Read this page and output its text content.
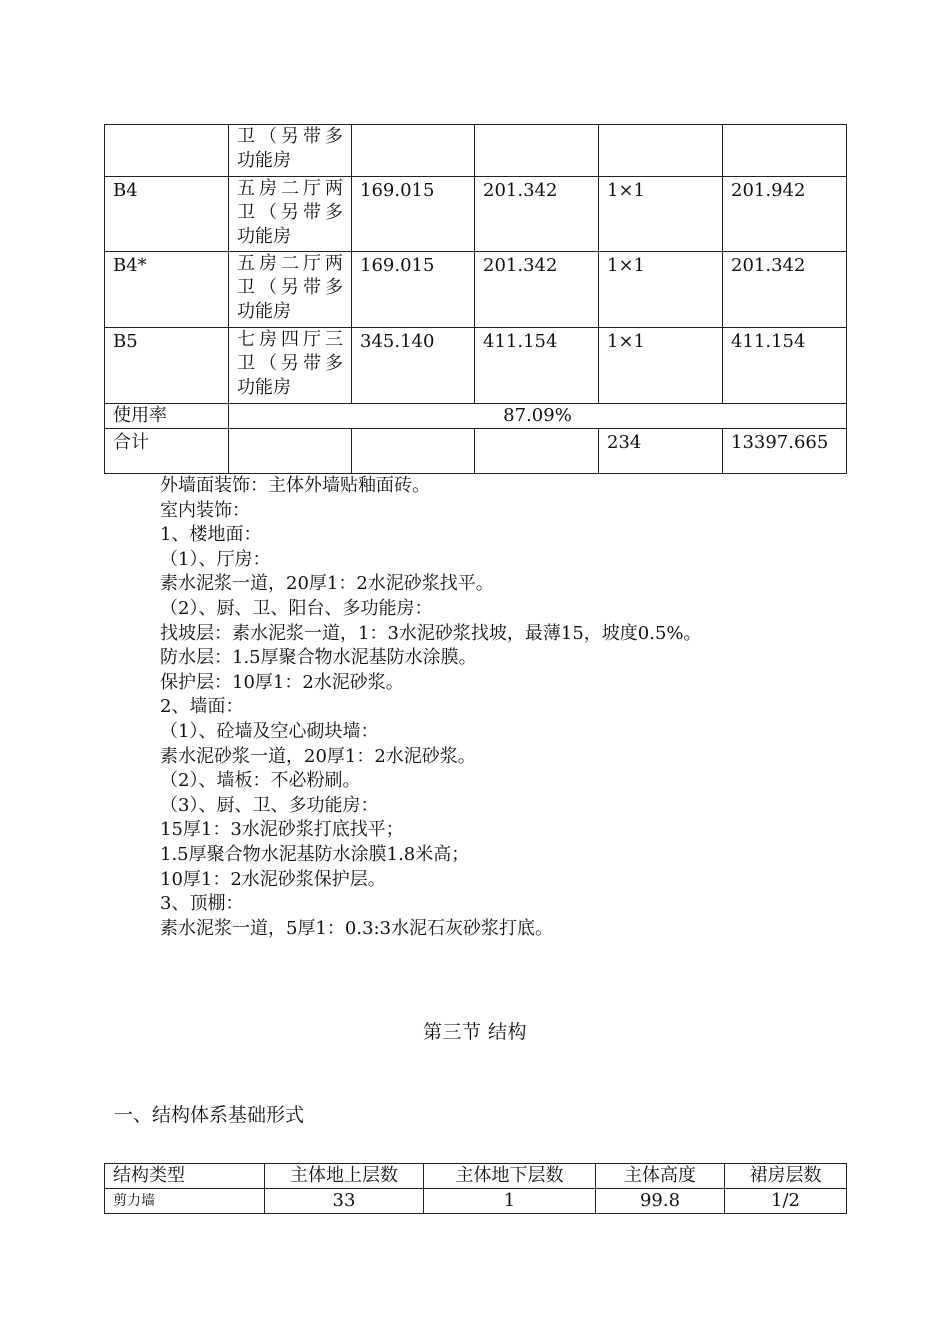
	卫（另带多功能房				
B4	五房二厅两卫（另带多功能房	169.015	201.342	1×1	201.942
B4*	五房二厅两卫（另带多功能房	169.015	201.342	1×1	201.342
B5	七房四厅三卫（另带多功能房	345.140	411.154	1×1	411.154
使用率	87.09%				
合计				234	13397.665
外墙面装饰：主体外墙贴釉面砖。
室内装饰：
1、楼地面：
（1）、厅房：
素水泥浆一道，20厚1：2水泥砂浆找平。
（2）、厨、卫、阳台、多功能房：
找坡层：素水泥浆一道，1：3水泥砂浆找坡，最薄15，坡度0.5%。
防水层：1.5厚聚合物水泥基防水涂膜。
保护层：10厚1：2水泥砂浆。
2、墙面：
（1）、砼墙及空心砌块墙：
素水泥砂浆一道，20厚1：2水泥砂浆。
（2）、墙板：不必粉刷。
（3）、厨、卫、多功能房：
15厚1：3水泥砂浆打底找平；
1.5厚聚合物水泥基防水涂膜1.8米高；
10厚1：2水泥砂浆保护层。
3、顶棚：
素水泥浆一道，5厚1：0.3:3水泥石灰砂浆打底。
第三节 结构
一、结构体系基础形式
结构类型	主体地上层数	主体地下层数	主体高度	裙房层数
剪力墙	33	1	99.8	1/2
